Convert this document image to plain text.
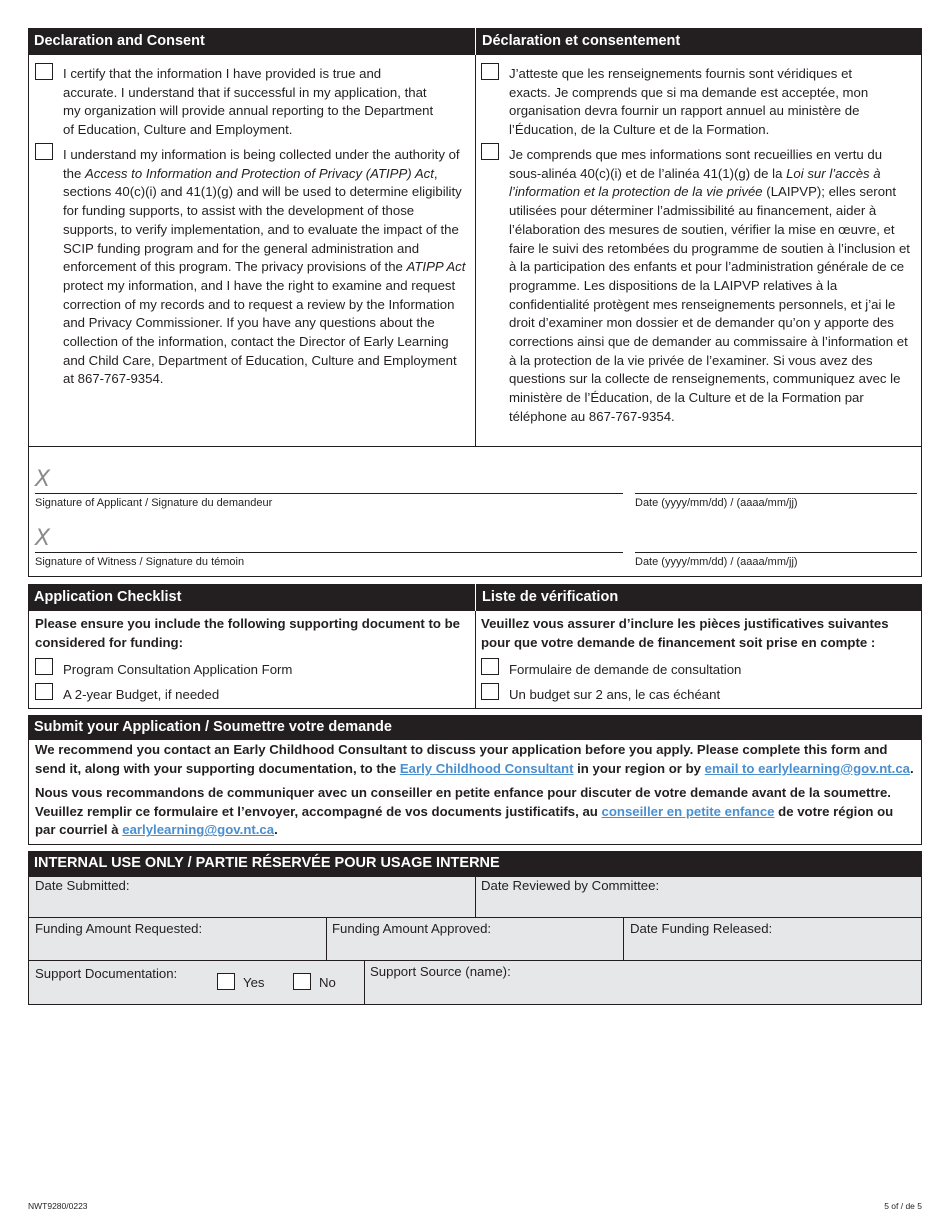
Declaration and Consent	Déclaration et consentement
I certify that the information I have provided is true and accurate. I understand that if successful in my application, that my organization will provide annual reporting to the Department of Education, Culture and Employment.
I understand my information is being collected under the authority of the Access to Information and Protection of Privacy (ATIPP) Act, sections 40(c)(i) and 41(1)(g) and will be used to determine eligibility for funding supports, to assist with the development of those supports, to verify implementation, and to evaluate the impact of the SCIP funding program and for the general administration and enforcement of this program. The privacy provisions of the ATIPP Act protect my information, and I have the right to examine and request correction of my records and to request a review by the Information and Privacy Commissioner. If you have any questions about the collection of the information, contact the Director of Early Learning and Child Care, Department of Education, Culture and Employment at 867-767-9354.
J’atteste que les renseignements fournis sont véridiques et exacts. Je comprends que si ma demande est acceptée, mon organisation devra fournir un rapport annuel au ministère de l’Éducation, de la Culture et de la Formation.
Je comprends que mes informations sont recueillies en vertu du sous-alinéa 40(c)(i) et de l’alinéa 41(1)(g) de la Loi sur l’accès à l’information et la protection de la vie privée (LAIPVP); elles seront utilisées pour déterminer l’admissibilité au financement, aider à l’élaboration des mesures de soutien, vérifier la mise en œuvre, et faire le suivi des retombées du programme de soutien à l’inclusion et à la participation des enfants et pour l’administration générale de ce programme. Les dispositions de la LAIPVP relatives à la confidentialité protègent mes renseignements personnels, et j’ai le droit d’examiner mon dossier et de demander qu’on y apporte des corrections ainsi que de demander au commissaire à l’information et à la protection de la vie privée de l’examiner. Si vous avez des questions sur la collecte de renseignements, communiquez avec le ministère de l’Éducation, de la Culture et de la Formation par téléphone au 867-767-9354.
X
Signature of Applicant / Signature du demandeur	Date (yyyy/mm/dd) / (aaaa/mm/jj)
X
Signature of Witness / Signature du témoin	Date (yyyy/mm/dd) / (aaaa/mm/jj)
Application Checklist	Liste de vérification
Please ensure you include the following supporting document to be considered for funding:
Program Consultation Application Form
A 2-year Budget, if needed
Veuillez vous assurer d’inclure les pièces justificatives suivantes pour que votre demande de financement soit prise en compte :
Formulaire de demande de consultation
Un budget sur 2 ans, le cas échéant
Submit your Application / Soumettre votre demande
We recommend you contact an Early Childhood Consultant to discuss your application before you apply. Please complete this form and send it, along with your supporting documentation, to the Early Childhood Consultant in your region or by email to earlylearning@gov.nt.ca.
Nous vous recommandons de communiquer avec un conseiller en petite enfance pour discuter de votre demande avant de la soumettre. Veuillez remplir ce formulaire et l’envoyer, accompagné de vos documents justificatifs, au conseiller en petite enfance de votre région ou par courriel à earlylearning@gov.nt.ca.
INTERNAL USE ONLY / PARTIE RÉSERVÉE POUR USAGE INTERNE
Date Submitted:	Date Reviewed by Committee:
Funding Amount Requested:	Funding Amount Approved:	Date Funding Released:
Support Documentation:
Yes	No
Support Source (name):
NWT9280/0223	5 of / de 5
